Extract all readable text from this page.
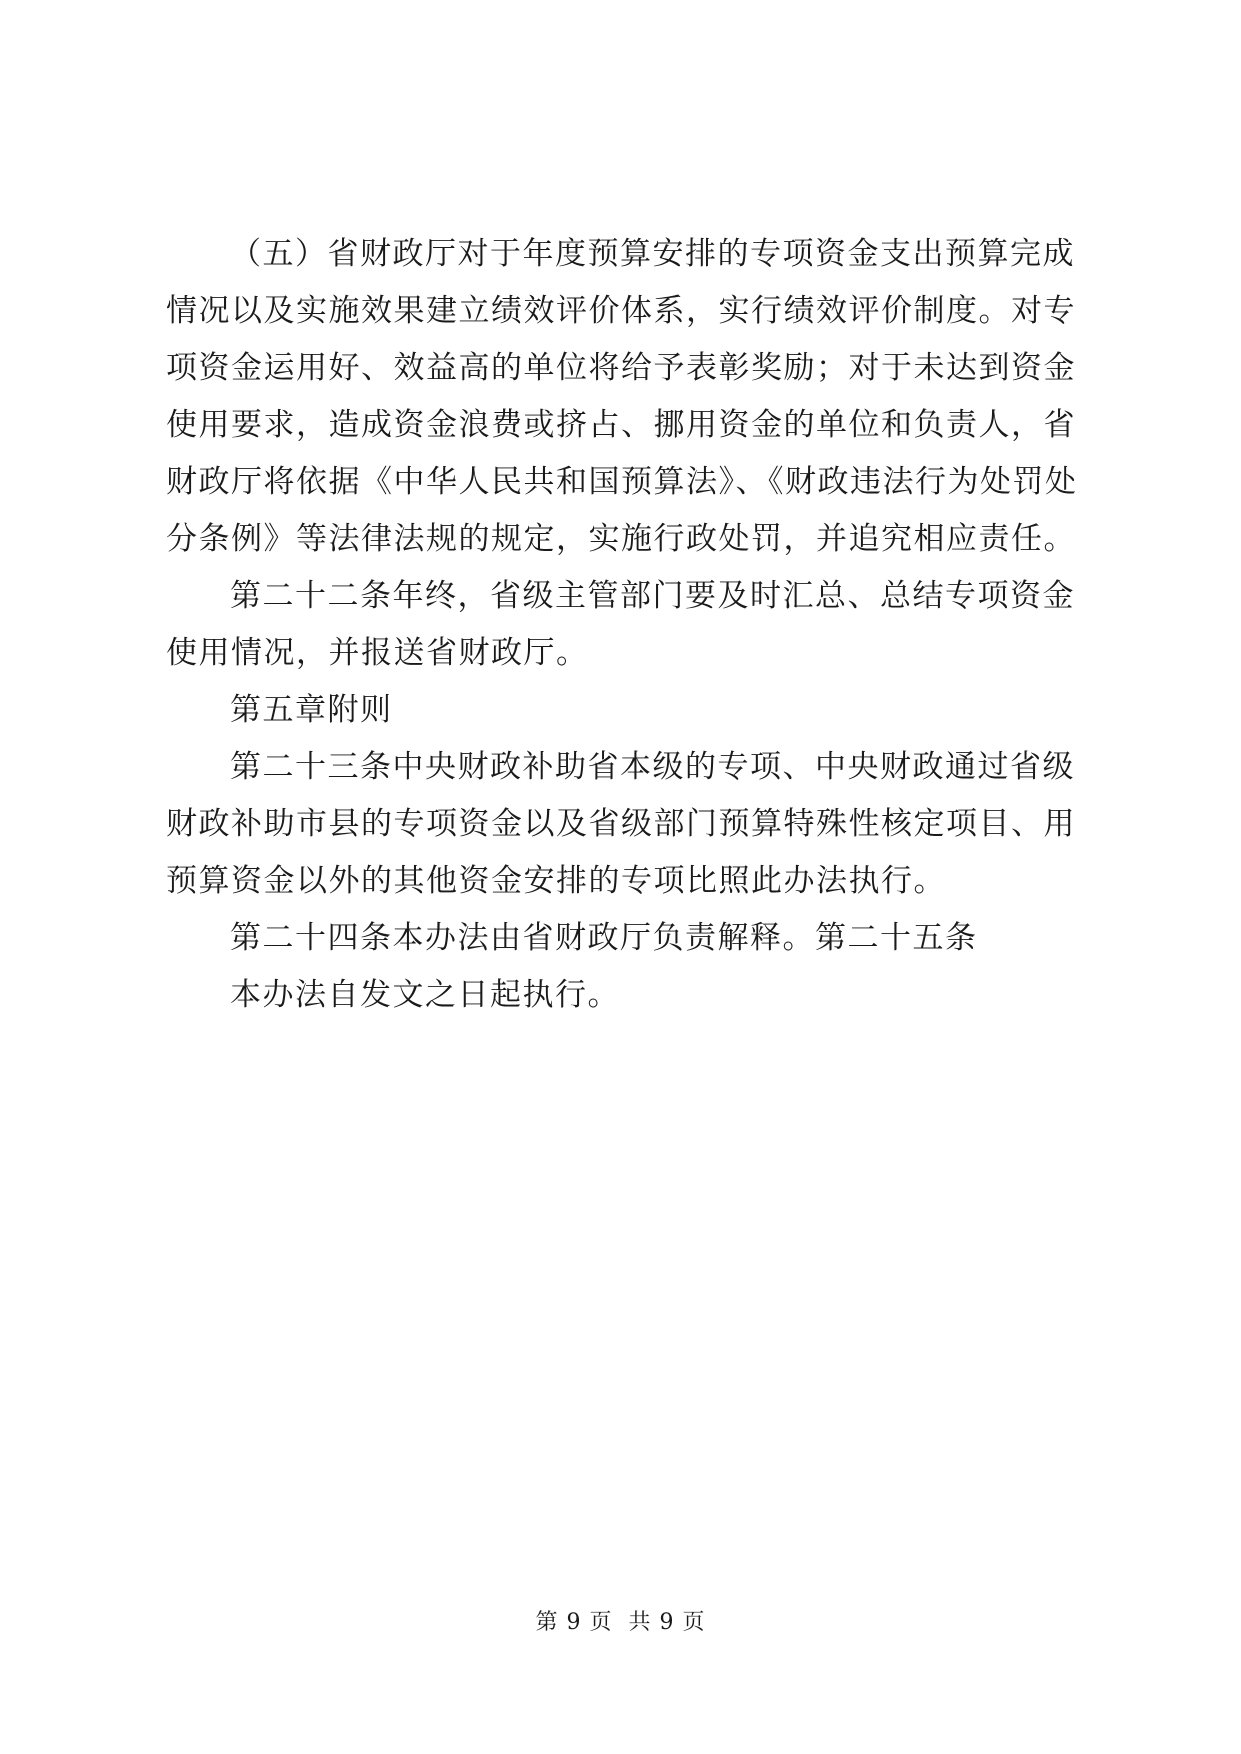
（五）省财政厅对于年度预算安排的专项资金支出预算完成
情况以及实施效果建立绩效评价体系，实行绩效评价制度。对专
项资金运用好、效益高的单位将给予表彰奖励；对于未达到资金
使用要求，造成资金浪费或挤占、挪用资金的单位和负责人，省
财政厅将依据《中华人民共和国预算法》、《财政违法行为处罚处
分条例》等法律法规的规定，实施行政处罚，并追究相应责任。
第二十二条年终，省级主管部门要及时汇总、总结专项资金
使用情况，并报送省财政厅。
第五章附则
第二十三条中央财政补助省本级的专项、中央财政通过省级
财政补助市县的专项资金以及省级部门预算特殊性核定项目、用
预算资金以外的其他资金安排的专项比照此办法执行。
第二十四条本办法由省财政厅负责解释。第二十五条
本办法自发文之日起执行。
第 9 页  共 9 页
